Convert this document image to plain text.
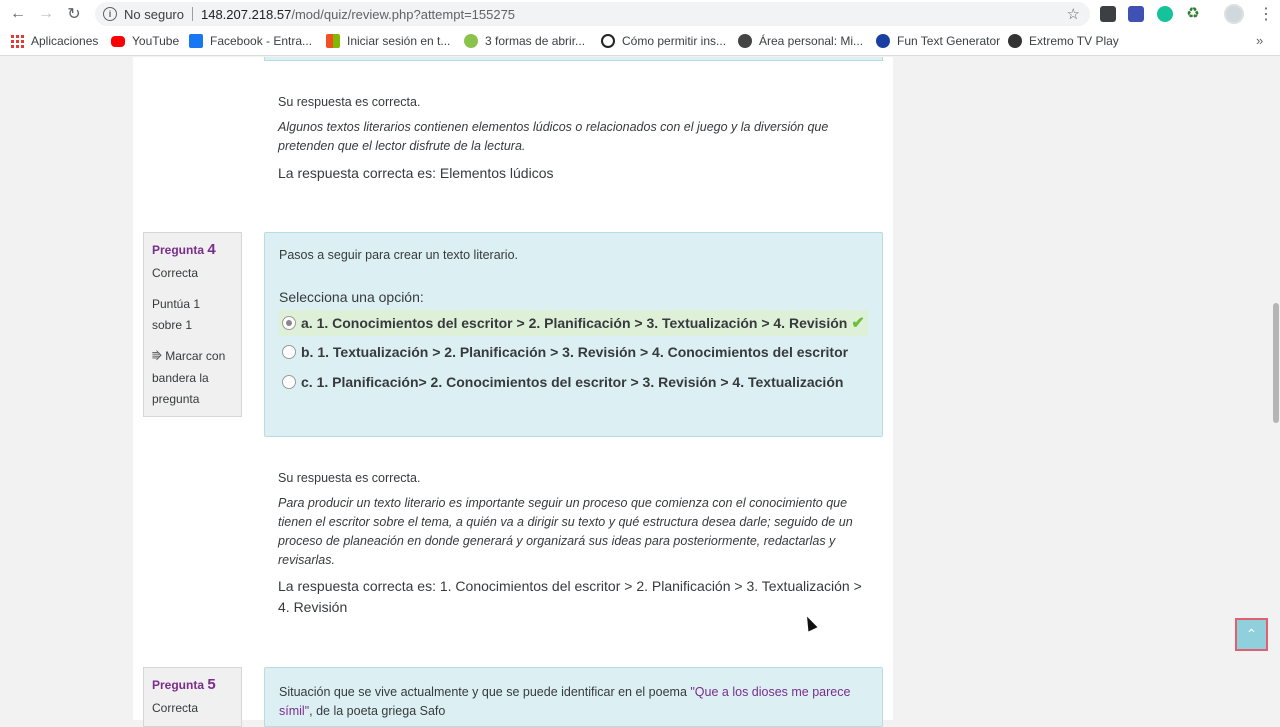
← → ↻	i No seguro 148.207.218.57 /mod/quiz/review.php?attempt=155275	☆	♻	⋮
Aplicaciones	YouTube	Facebook - Entra...	Iniciar sesión en t...	3 formas de abrir...	Cómo permitir ins...	Área personal: Mi...	Fun Text Generator Extremo TV Play	»
Su respuesta es correcta.
Algunos textos literarios contienen elementos lúdicos o relacionados con el juego y la diversión que pretenden que el lector disfrute de la lectura.
La respuesta correcta es: Elementos lúdicos
Pregunta 4
Correcta
Puntúa 1 sobre 1
⭆ Marcar con bandera la pregunta
Pasos a seguir para crear un texto literario.
Selecciona una opción:
a. 1. Conocimientos del escritor > 2. Planificación > 3. Textualización > 4. Revisión ✔
b. 1. Textualización > 2. Planificación > 3. Revisión > 4. Conocimientos del escritor
c. 1. Planificación> 2. Conocimientos del escritor > 3. Revisión > 4. Textualización
Su respuesta es correcta.
Para producir un texto literario es importante seguir un proceso que comienza con el conocimiento que tienen el escritor sobre el tema, a quién va a dirigir su texto y qué estructura desea darle; seguido de un proceso de planeación en donde generará y organizará sus ideas para posteriormente, redactarlas y revisarlas.
La respuesta correcta es: 1. Conocimientos del escritor > 2. Planificación > 3. Textualización > 4. Revisión
Pregunta 5
Correcta
Situación que se vive actualmente y que se puede identificar en el poema "Que a los dioses me parece símil", de la poeta griega Safo
⌃
